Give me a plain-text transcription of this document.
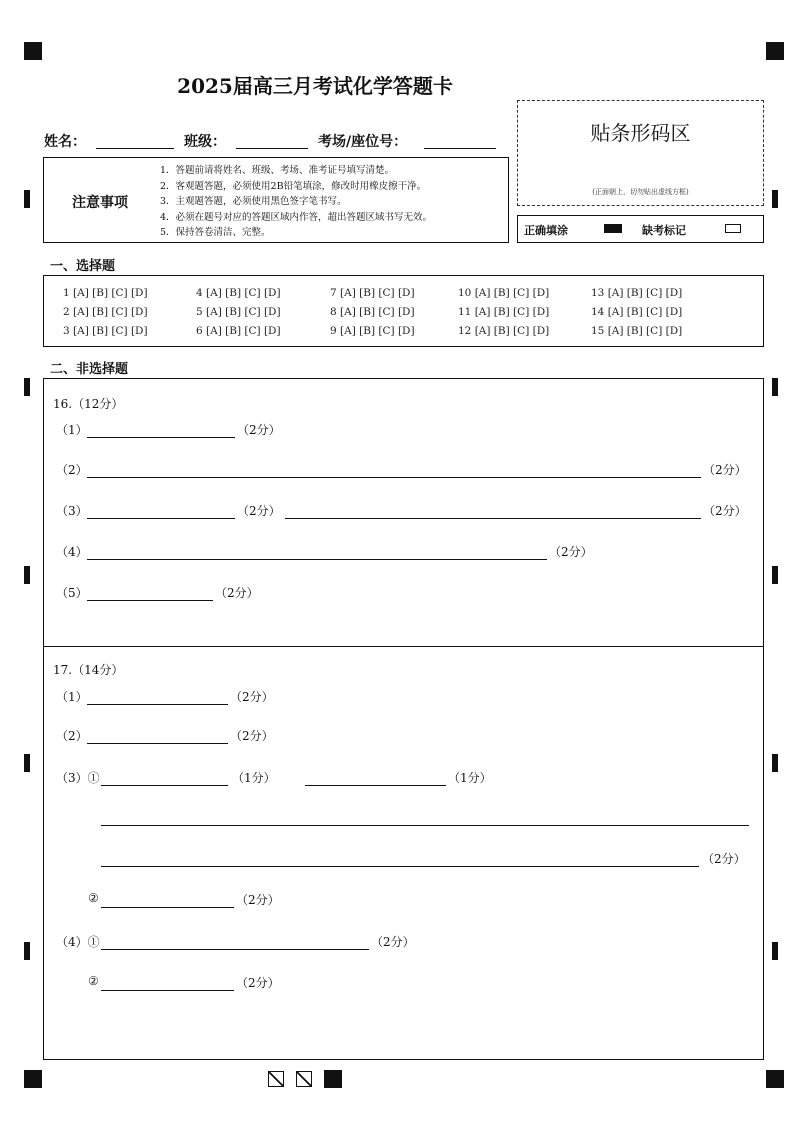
2025届高三月考试化学答题卡
姓名：	班级：	考场/座位号：	贴条形码区
(正面朝上，切勿贴出虚线方框)
正确填涂	缺考标记
注意事项
1．答题前请将姓名、班级、考场、准考证号填写清楚。
2．客观题答题，必须使用2B铅笔填涂，修改时用橡皮擦干净。
3．主观题答题，必须使用黑色签字笔书写。
4．必须在题号对应的答题区域内作答，超出答题区域书写无效。
5．保持答卷清洁、完整。
一、选择题
1 [A] [B] [C] [D]	4 [A] [B] [C] [D]	7 [A] [B] [C] [D]	10 [A] [B] [C] [D]	13 [A] [B] [C] [D]
2 [A] [B] [C] [D]	5 [A] [B] [C] [D]	8 [A] [B] [C] [D]	11 [A] [B] [C] [D]	14 [A] [B] [C] [D]
3 [A] [B] [C] [D]	6 [A] [B] [C] [D]	9 [A] [B] [C] [D]	12 [A] [B] [C] [D]	15 [A] [B] [C] [D]
二、非选择题
16.（12分）
（1）	（2分）
（2）	（2分）
（3）	（2分）	（2分）
（4）	（2分）
（5）	（2分）
17.（14分）
（1）	（2分）
（2）	（2分）
（3）①	（1分）	（1分）
（2分）
②	（2分）
（4）①	（2分）
②	（2分）
